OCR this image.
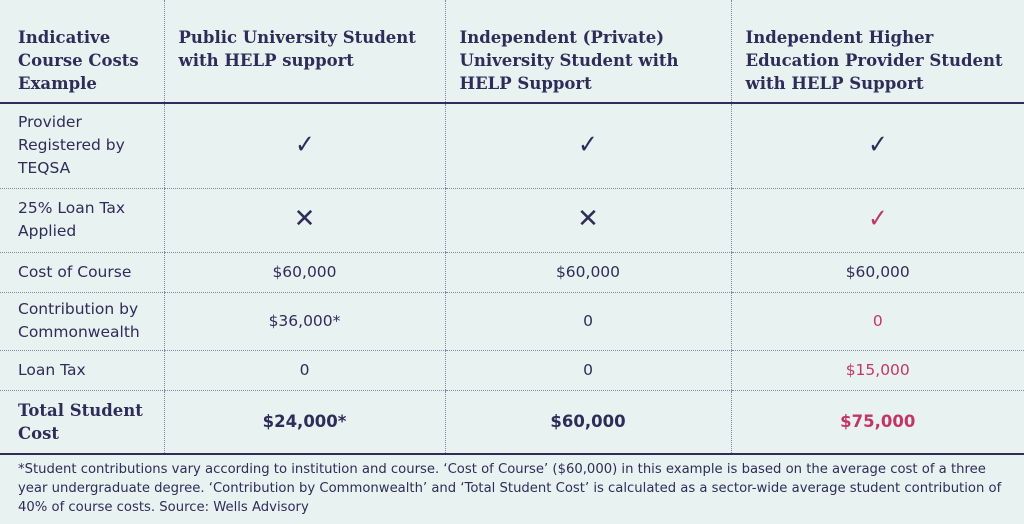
Indicative Course Costs Example	Public University Student with HELP support	Independent (Private) University Student with HELP Support	Independent Higher Education Provider Student with HELP Support
Provider Registered by TEQSA	✓	✓	✓
25% Loan Tax Applied	✕	✕	✓
Cost of Course	$60,000	$60,000	$60,000
Contribution by Commonwealth	$36,000*	0	0
Loan Tax	0	0	$15,000
Total Student Cost	$24,000*	$60,000	$75,000

*Student contributions vary according to institution and course. ‘Cost of Course’ ($60,000) in this example is based on the average cost of a three year undergraduate degree. ‘Contribution by Commonwealth’ and ‘Total Student Cost’ is calculated as a sector-wide average student contribution of 40% of course costs. Source: Wells Advisory
